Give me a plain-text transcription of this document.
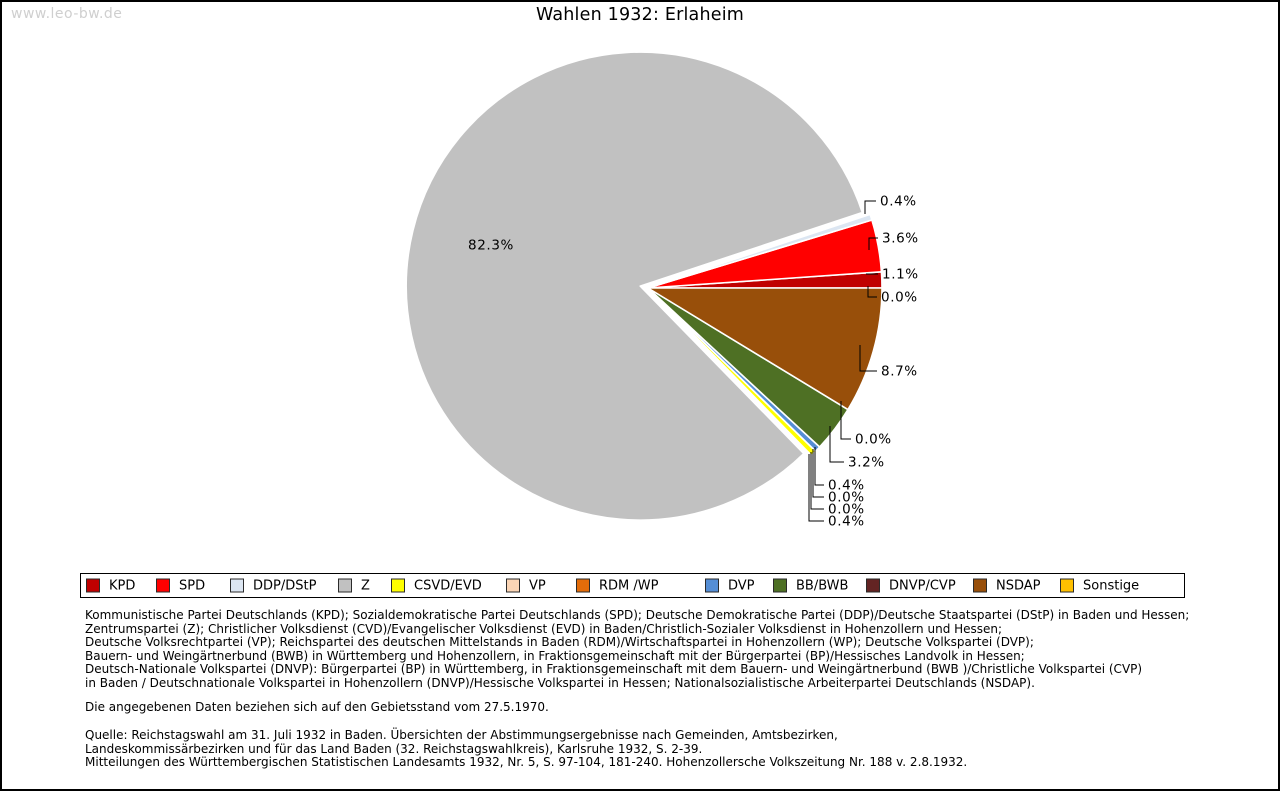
www.leo-bw.de	Wahlen 1932: Erlaheim
1.1%
3.6%
0.4%
82.3%
0.4%
0.0%
0.0%
0.4%
3.2%
0.0%
8.7%
0.0%
KPD	SPD	DDP/DStP	Z	CSVD/EVD	VP	RDM /WP	DVP	BB/BWB	DNVP/CVP	NSDAP	Sonstige
Kommunistische Partei Deutschlands (KPD); Sozialdemokratische Partei Deutschlands (SPD); Deutsche Demokratische Partei (DDP)/Deutsche Staatspartei (DStP) in Baden und Hessen;
Zentrumspartei (Z); Christlicher Volksdienst (CVD)/Evangelischer Volksdienst (EVD) in Baden/Christlich-Sozialer Volksdienst in Hohenzollern und Hessen;
Deutsche Volksrechtpartei (VP); Reichspartei des deutschen Mittelstands in Baden (RDM)/Wirtschaftspartei in Hohenzollern (WP); Deutsche Volkspartei (DVP);
Bauern- und Weingärtnerbund (BWB) in Württemberg und Hohenzollern, in Fraktionsgemeinschaft mit der Bürgerpartei (BP)/Hessisches Landvolk in Hessen;
Deutsch-Nationale Volkspartei (DNVP): Bürgerpartei (BP) in Württemberg, in Fraktionsgemeinschaft mit dem Bauern- und Weingärtnerbund (BWB )/Christliche Volkspartei (CVP)
in Baden / Deutschnationale Volkspartei in Hohenzollern (DNVP)/Hessische Volkspartei in Hessen; Nationalsozialistische Arbeiterpartei Deutschlands (NSDAP).
Die angegebenen Daten beziehen sich auf den Gebietsstand vom 27.5.1970.
Quelle: Reichstagswahl am 31. Juli 1932 in Baden. Übersichten der Abstimmungsergebnisse nach Gemeinden, Amtsbezirken,
Landeskommissärbezirken und für das Land Baden (32. Reichstagswahlkreis), Karlsruhe 1932, S. 2-39.
Mitteilungen des Württembergischen Statistischen Landesamts 1932, Nr. 5, S. 97-104, 181-240. Hohenzollersche Volkszeitung Nr. 188 v. 2.8.1932.
